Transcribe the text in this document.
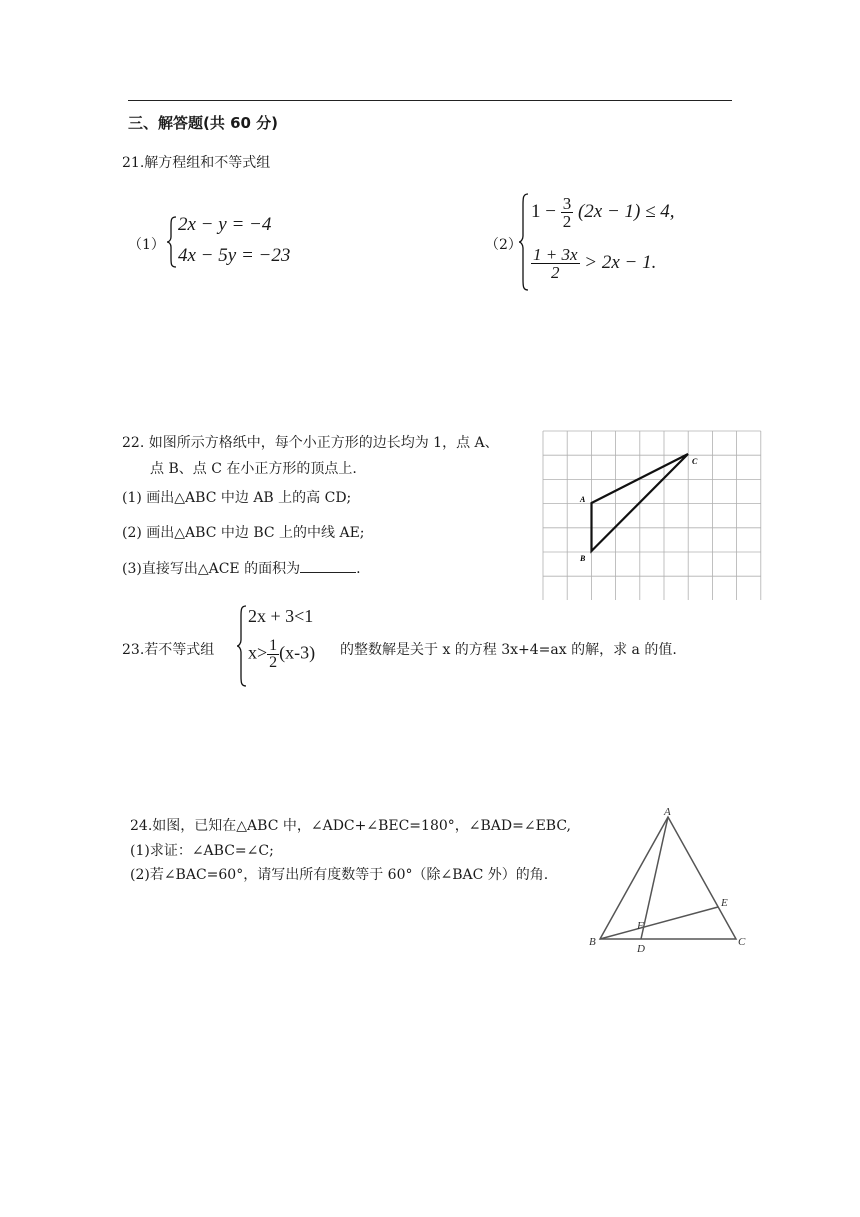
三、解答题(共 60 分)
21.解方程组和不等式组
（1）
2x − y = −4
4x − 5y = −23	（2）
$1 - \frac{3}{2} (2x - 1) \le 4$,
$\frac{1 + 3x}{2} > 2x - 1$.
22. 如图所示方格纸中，每个小正方形的边长均为 1，点 A、
点 B、点 C 在小正方形的顶点上.
(1) 画出△ABC 中边 AB 上的高 CD;
(2) 画出△ABC 中边 BC 上的中线 AE;
(3)直接写出△ACE 的面积为	.
A
B
C
23.若不等式组
2x + 3<1
$x> \frac{1}{2} (x-3)$ 的整数解是关于 x 的方程 3x+4=ax 的解，求 a 的值.
24.如图，已知在△ABC 中，∠ADC+∠BEC=180°，∠BAD=∠EBC,
(1)求证：∠ABC=∠C;
(2)若∠BAC=60°，请写出所有度数等于 60°（除∠BAC 外）的角.
A
B	C
D
E
F
